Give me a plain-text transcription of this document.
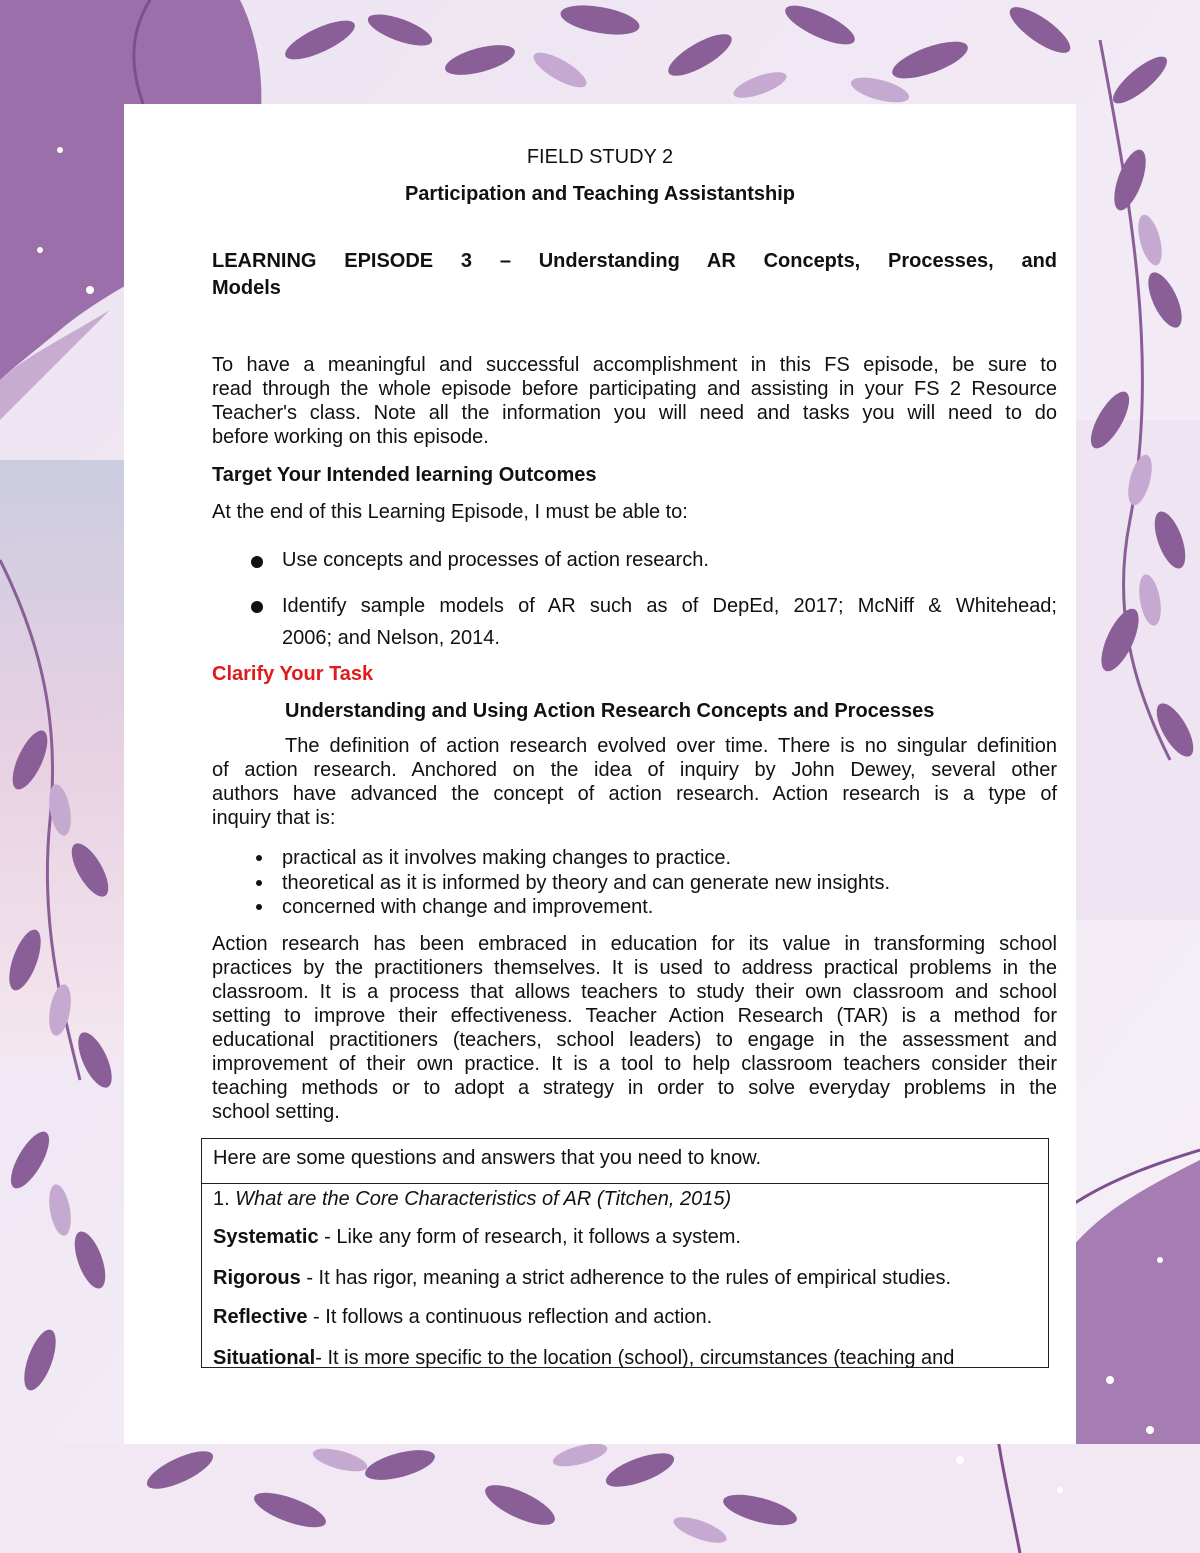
FIELD STUDY 2

Participation and Teaching Assistantship

LEARNING EPISODE 3 – Understanding AR Concepts, Processes, and

Models

To have a meaningful and successful accomplishment in this FS episode, be sure to
read through the whole episode before participating and assisting in your FS 2 Resource
Teacher's class. Note all the information you will need and tasks you will need to do
before working on this episode.

Target Your Intended learning Outcomes

At the end of this Learning Episode, I must be able to:

Use concepts and processes of action research.

Identify sample models of AR such as of DepEd, 2017; McNiff & Whitehead;

2006; and Nelson, 2014.

Clarify Your Task

Understanding and Using Action Research Concepts and Processes

The definition of action research evolved over time. There is no singular definition
of action research. Anchored on the idea of inquiry by John Dewey, several other
authors have advanced the concept of action research. Action research is a type of
inquiry that is:

practical as it involves making changes to practice.

theoretical as it is informed by theory and can generate new insights.

concerned with change and improvement.

Action research has been embraced in education for its value in transforming school
practices by the practitioners themselves. It is used to address practical problems in the
classroom. It is a process that allows teachers to study their own classroom and school
setting to improve their effectiveness. Teacher Action Research (TAR) is a method for
educational practitioners (teachers, school leaders) to engage in the assessment and
improvement of their own practice. It is a tool to help classroom teachers consider their
teaching methods or to adopt a strategy in order to solve everyday problems in the
school setting.

Here are some questions and answers that you need to know.

1. What are the Core Characteristics of AR (Titchen, 2015)

Systematic - Like any form of research, it follows a system.

Rigorous - It has rigor, meaning a strict adherence to the rules of empirical studies.

Reflective - It follows a continuous reflection and action.

Situational- It is more specific to the location (school), circumstances (teaching and
